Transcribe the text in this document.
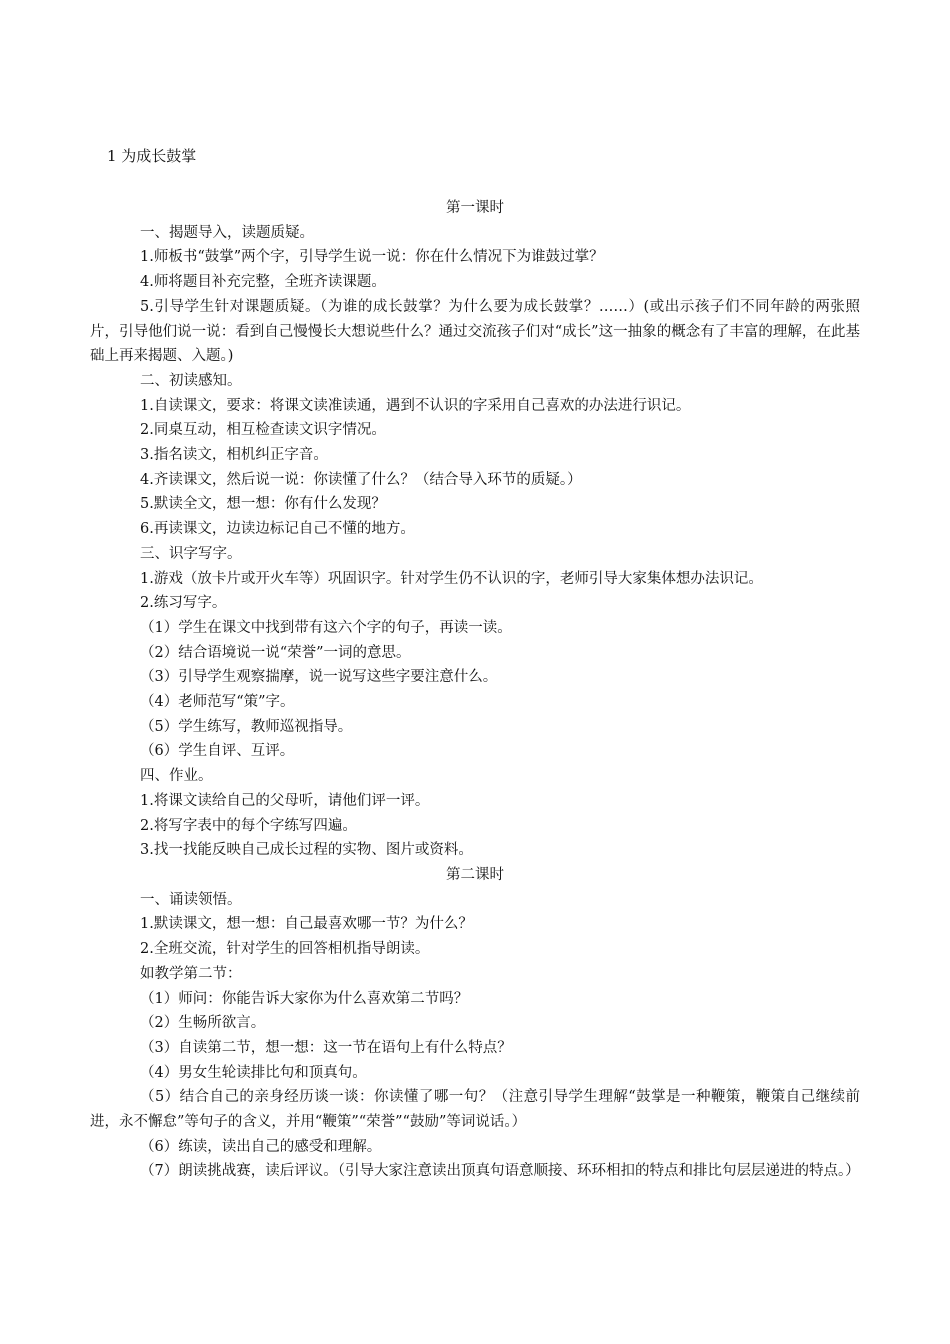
1 为成长鼓掌

第一课时

一、揭题导入，读题质疑。

1.师板书“鼓掌”两个字，引导学生说一说：你在什么情况下为谁鼓过掌？

4.师将题目补充完整，全班齐读课题。

5.引导学生针对课题质疑。（为谁的成长鼓掌？为什么要为成长鼓掌？……）(或出示孩子们不同年龄的两张照片，引导他们说一说：看到自己慢慢长大想说些什么？通过交流孩子们对“成长”这一抽象的概念有了丰富的理解，在此基础上再来揭题、入题。)

二、初读感知。

1.自读课文，要求：将课文读准读通，遇到不认识的字采用自己喜欢的办法进行识记。

2.同桌互动，相互检查读文识字情况。

3.指名读文，相机纠正字音。

4.齐读课文，然后说一说：你读懂了什么？（结合导入环节的质疑。）

5.默读全文，想一想：你有什么发现？

6.再读课文，边读边标记自己不懂的地方。

三、识字写字。

1.游戏（放卡片或开火车等）巩固识字。针对学生仍不认识的字，老师引导大家集体想办法识记。

2.练习写字。

（1）学生在课文中找到带有这六个字的句子，再读一读。

（2）结合语境说一说“荣誉”一词的意思。

（3）引导学生观察揣摩，说一说写这些字要注意什么。

（4）老师范写“策”字。

（5）学生练写，教师巡视指导。

（6）学生自评、互评。

四、作业。

1.将课文读给自己的父母听，请他们评一评。

2.将写字表中的每个字练写四遍。

3.找一找能反映自己成长过程的实物、图片或资料。

第二课时

一、诵读领悟。

1.默读课文，想一想：自己最喜欢哪一节？为什么？

2.全班交流，针对学生的回答相机指导朗读。

如教学第二节：

（1）师问：你能告诉大家你为什么喜欢第二节吗？

（2）生畅所欲言。

（3）自读第二节，想一想：这一节在语句上有什么特点？

（4）男女生轮读排比句和顶真句。

（5）结合自己的亲身经历谈一谈：你读懂了哪一句？（注意引导学生理解“鼓掌是一种鞭策，鞭策自己继续前进，永不懈怠”等句子的含义，并用“鞭策”“荣誉”“鼓励”等词说话。）

（6）练读，读出自己的感受和理解。

（7）朗读挑战赛，读后评议。（引导大家注意读出顶真句语意顺接、环环相扣的特点和排比句层层递进的特点。）
